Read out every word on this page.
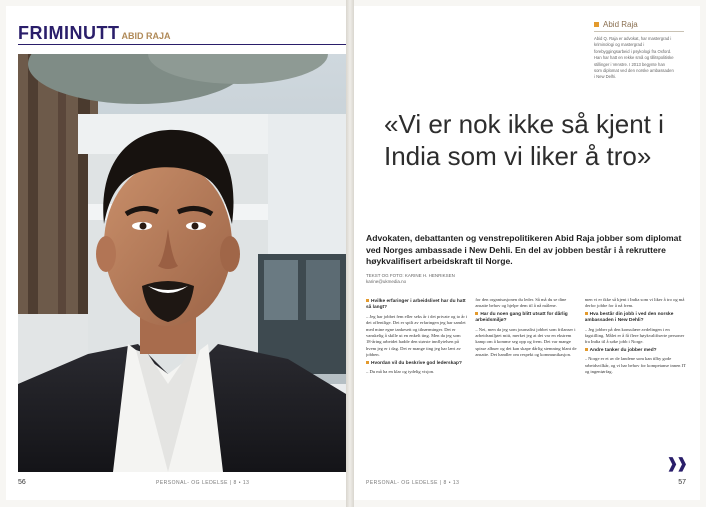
FRIMINUTT ABID RAJA
56	PERSONAL- OG LEDELSE | 8 • 13
Abid Raja
Abid Q. Raja er advokat, har mastergrad i kriminologi og mastergrad i forebyggingsarbeid i psykologi fra Oxford. Han har hatt en rekke små og tillitspolitiske stillinger i Venstre. I 2013 begynte han som diplomat ved den norske ambassaden i New Delhi.
«Vi er nok ikke så kjent i India som vi liker å tro»
Advokaten, debattanten og venstrepolitikeren Abid Raja jobber som diplomat ved Norges ambassade i New Dehli. En del av jobben består i å rekruttere høykvalifisert arbeidskraft til Norge.
TEKST OG FOTO: KARINE H. HENRIKSEN
karine@ukmedia.no
Hvilke erfaringer i arbeidslivet har du hatt så langt?
– Jeg har jobbet fem eller seks år i det private og to år i det offentlige. Det er spilt av erfaringen jeg har samlet med mine egne tankesett og tilnærminger. Det er vanskelig å skille ut en enkelt ting. Men da jeg som 18-åring arbeidet hadde den største innflytelsen på hvem jeg er i dag. Det er mange ting jeg har lært av jobben.
Hvordan vil du beskrive god lederskap?
– Du må ha en klar og tydelig visjon.
for den organisasjonen du leder. Så må du se dine ansatte behov og hjelpe dem til å nå målene.
Har du noen gang blitt utsatt for dårlig arbeidsmiljø?
– Nei, men da jeg som journalist jobbet som frilanser i arbeidsmiljøet mitt, merket jeg at det var en ekstrem kamp om å komme seg opp og frem. Det var mange spisse albuer og det kan skape dårlig stemning blant de ansatte. Det handler om respekt og kommunikasjon.
men vi er ikke så kjent i India som vi liker å tro og må derfor jobbe for å nå frem.
Hva består din jobb i ved den norske ambassaden i New Dehli?
– Jeg jobber på den konsulære avdelingen i en fagstilling. Målet er å få flere høykvalifiserte personer fra India til å søke jobb i Norge.
Andre tanker du jobber med?
– Norge er et av de landene som kan tilby gode arbeidsvilkår, og vi har behov for kompetanse innen IT og ingeniørfag.
❱❱
PERSONAL- OG LEDELSE | 8 • 13	57
